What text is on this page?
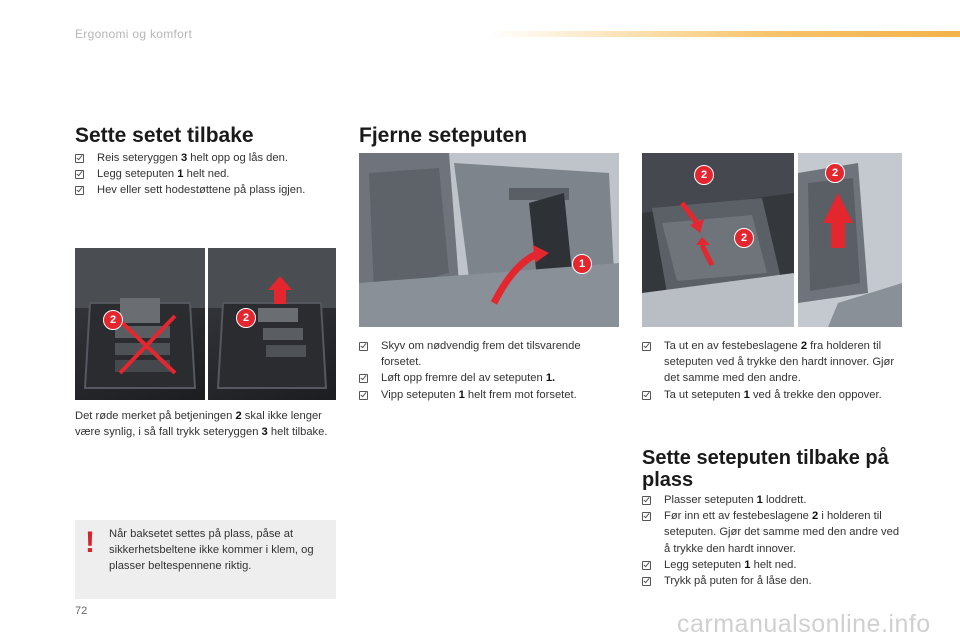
Ergonomi og komfort
Sette setet tilbake
Reis seteryggen 3 helt opp og lås den.
Legg seteputen 1 helt ned.
Hev eller sett hodestøttene på plass igjen.
2	2
Det røde merket på betjeningen 2 skal ikke lenger være synlig, i så fall trykk seteryggen 3 helt tilbake.
! Når baksetet settes på plass, påse at sikkerhetsbeltene ikke kommer i klem, og plasser beltespennene riktig.
Fjerne seteputen
1
Skyv om nødvendig frem det tilsvarende forsetet.
Løft opp fremre del av seteputen 1.
Vipp seteputen 1 helt frem mot forsetet.
2
2
2
Ta ut en av festebeslagene 2 fra holderen til seteputen ved å trykke den hardt innover. Gjør det samme med den andre.
Ta ut seteputen 1 ved å trekke den oppover.
Sette seteputen tilbake på plass
Plasser seteputen 1 loddrett.
Før inn ett av festebeslagene 2 i holderen til seteputen. Gjør det samme med den andre ved å trykke den hardt innover.
Legg seteputen 1 helt ned.
Trykk på puten for å låse den.
72	carmanualsonline.info
